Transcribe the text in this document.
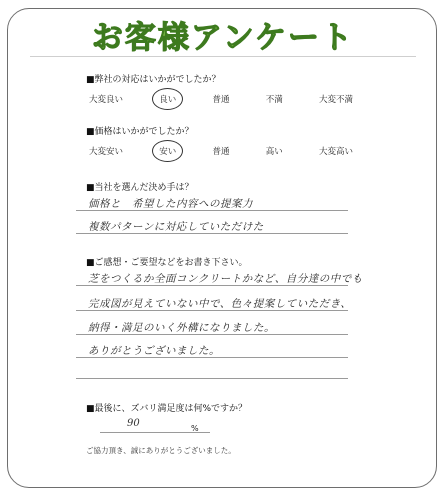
お客様アンケート
■弊社の対応はいかがでしたか？
大変良い	良い	普通	不満	大変不満
■価格はいかがでしたか？
大変安い	安い	普通	高い	大変高い
■当社を選んだ決め手は？
価格と　希望した内容への提案力
複数パターンに対応していただけた
■ご感想・ご要望などをお書き下さい。
芝をつくるか全面コンクリートかなど、自分達の中でも
完成図が見えていない中で、色々提案していただき、
納得・満足のいく外構になりました。
ありがとうございました。
■最後に、ズバリ満足度は何%ですか？
90	%
ご協力頂き、誠にありがとうございました。
